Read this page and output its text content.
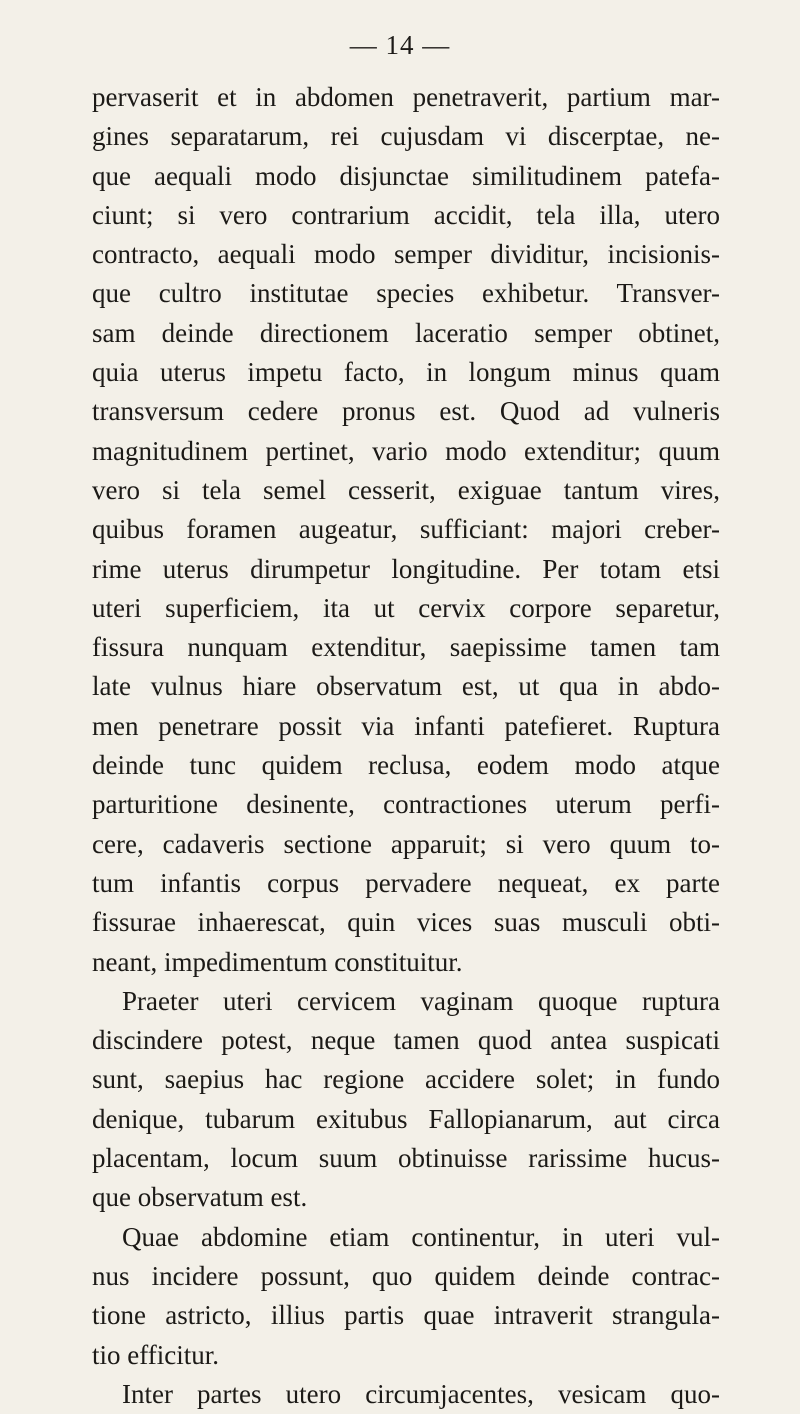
— 14 —
pervaserit et in abdomen penetraverit, partium mar-
gines separatarum, rei cujusdam vi discerptae, ne-
que aequali modo disjunctae similitudinem patefa-
ciunt; si vero contrarium accidit, tela illa, utero
contracto, aequali modo semper dividitur, incisionis-
que cultro institutae species exhibetur. Transver-
sam deinde directionem laceratio semper obtinet,
quia uterus impetu facto, in longum minus quam
transversum cedere pronus est. Quod ad vulneris
magnitudinem pertinet, vario modo extenditur; quum
vero si tela semel cesserit, exiguae tantum vires,
quibus foramen augeatur, sufficiant: majori creber-
rime uterus dirumpetur longitudine. Per totam etsi
uteri superficiem, ita ut cervix corpore separetur,
fissura nunquam extenditur, saepissime tamen tam
late vulnus hiare observatum est, ut qua in abdo-
men penetrare possit via infanti patefieret. Ruptura
deinde tunc quidem reclusa, eodem modo atque
parturitione desinente, contractiones uterum perfi-
cere, cadaveris sectione apparuit; si vero quum to-
tum infantis corpus pervadere nequeat, ex parte
fissurae inhaerescat, quin vices suas musculi obti-
neant, impedimentum constituitur.
Praeter uteri cervicem vaginam quoque ruptura
discindere potest, neque tamen quod antea suspicati
sunt, saepius hac regione accidere solet; in fundo
denique, tubarum exitubus Fallopianarum, aut circa
placentam, locum suum obtinuisse rarissime hucus-
que observatum est.
Quae abdomine etiam continentur, in uteri vul-
nus incidere possunt, quo quidem deinde contrac-
tione astricto, illius partis quae intraverit strangula-
tio efficitur.
Inter partes utero circumjacentes, vesicam quo-
